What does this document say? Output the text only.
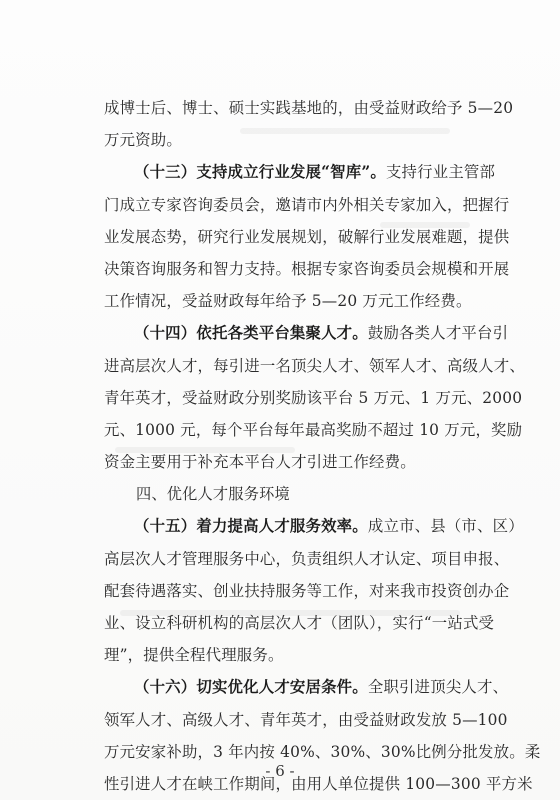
成博士后、博士、硕士实践基地的，由受益财政给予 5—20
万元资助。
（十三）支持成立行业发展“智库”。支持行业主管部
门成立专家咨询委员会，邀请市内外相关专家加入，把握行
业发展态势，研究行业发展规划，破解行业发展难题，提供
决策咨询服务和智力支持。根据专家咨询委员会规模和开展
工作情况，受益财政每年给予 5—20 万元工作经费。
（十四）依托各类平台集聚人才。鼓励各类人才平台引
进高层次人才，每引进一名顶尖人才、领军人才、高级人才、
青年英才，受益财政分别奖励该平台 5 万元、1 万元、2000
元、1000 元，每个平台每年最高奖励不超过 10 万元，奖励
资金主要用于补充本平台人才引进工作经费。
四、优化人才服务环境
（十五）着力提高人才服务效率。成立市、县（市、区）
高层次人才管理服务中心，负责组织人才认定、项目申报、
配套待遇落实、创业扶持服务等工作，对来我市投资创办企
业、设立科研机构的高层次人才（团队），实行“一站式受
理”，提供全程代理服务。
（十六）切实优化人才安居条件。全职引进顶尖人才、
领军人才、高级人才、青年英才，由受益财政发放 5—100
万元安家补助，3 年内按 40%、30%、30%比例分批发放。柔
性引进人才在峡工作期间，由用人单位提供 100—300 平方米
- 6 -
